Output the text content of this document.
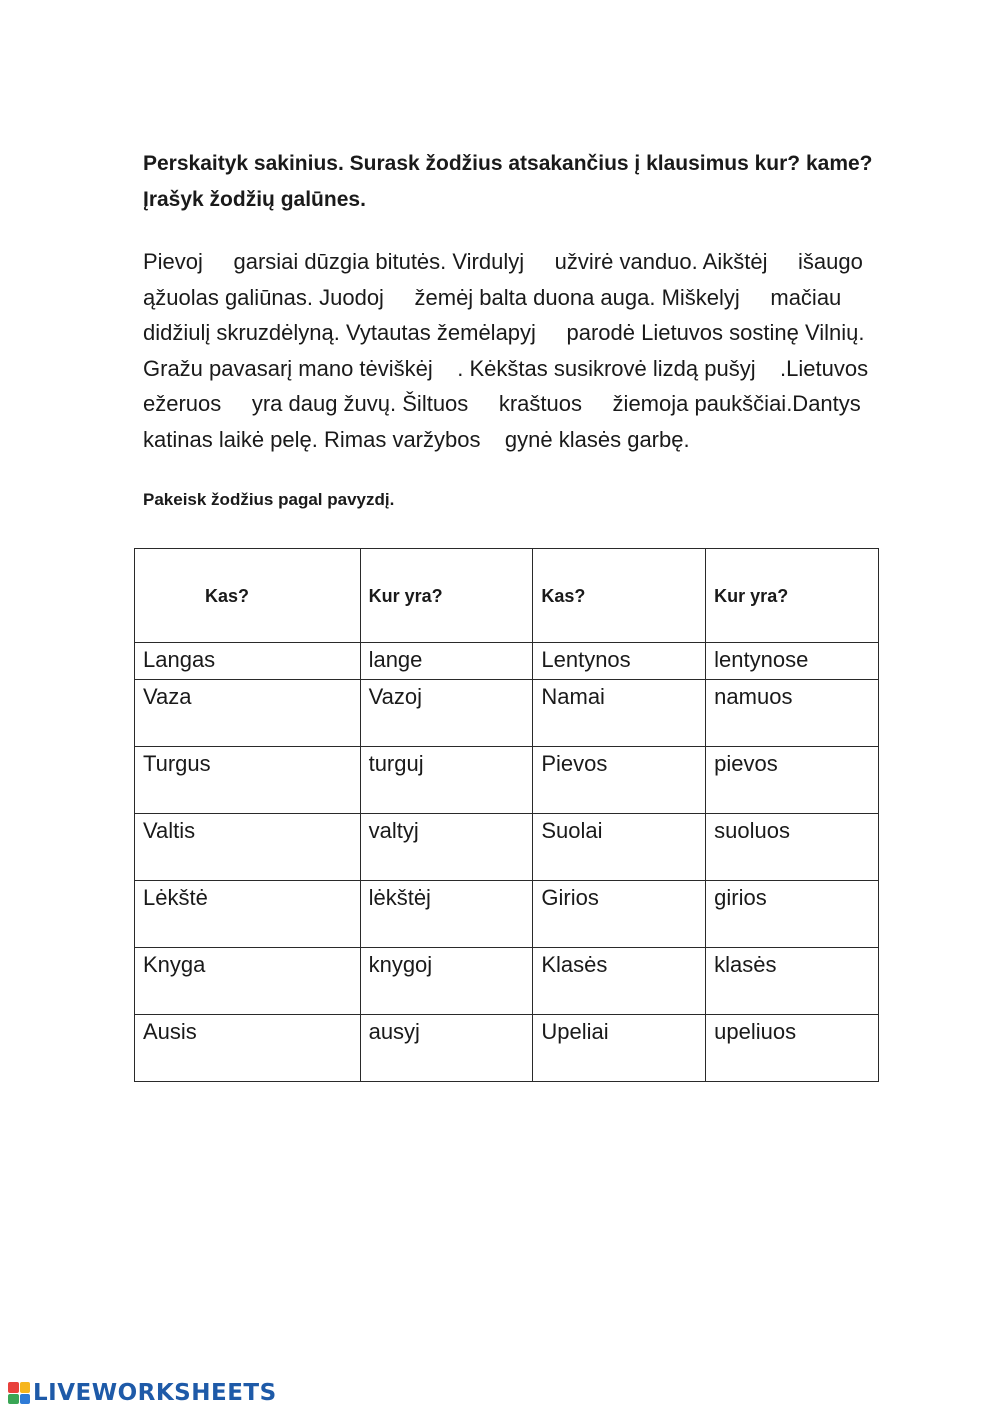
Perskaityk sakinius. Surask žodžius atsakančius į klausimus kur? kame?
Įrašyk žodžių galūnes.
Pievoj     garsiai dūzgia bitutės. Virdulyj     užvirė vanduo. Aikštėj     išaugo
ąžuolas galiūnas. Juodoj     žemėj balta duona auga. Miškelyj     mačiau
didžiulį skruzdėlyną. Vytautas žemėlapyj     parodė Lietuvos sostinę Vilnių.
Gražu pavasarį mano tėviškėj    . Kėkštas susikrovė lizdą pušyj    .Lietuvos
ežeruos     yra daug žuvų. Šiltuos     kraštuos     žiemoja paukščiai.Dantys
katinas laikė pelę. Rimas varžybos    gynė klasės garbę.
Pakeisk žodžius pagal pavyzdį.
Kas?	Kur yra?	Kas?	Kur yra?
Langas	lange	Lentynos	lentynose
Vaza	Vazoj	Namai	namuos
Turgus	turguj	Pievos	pievos
Valtis	valtyj	Suolai	suoluos
Lėkštė	lėkštėj	Girios	girios
Knyga	knygoj	Klasės	klasės
Ausis	ausyj	Upeliai	upeliuos
LIVEWORKSHEETS
